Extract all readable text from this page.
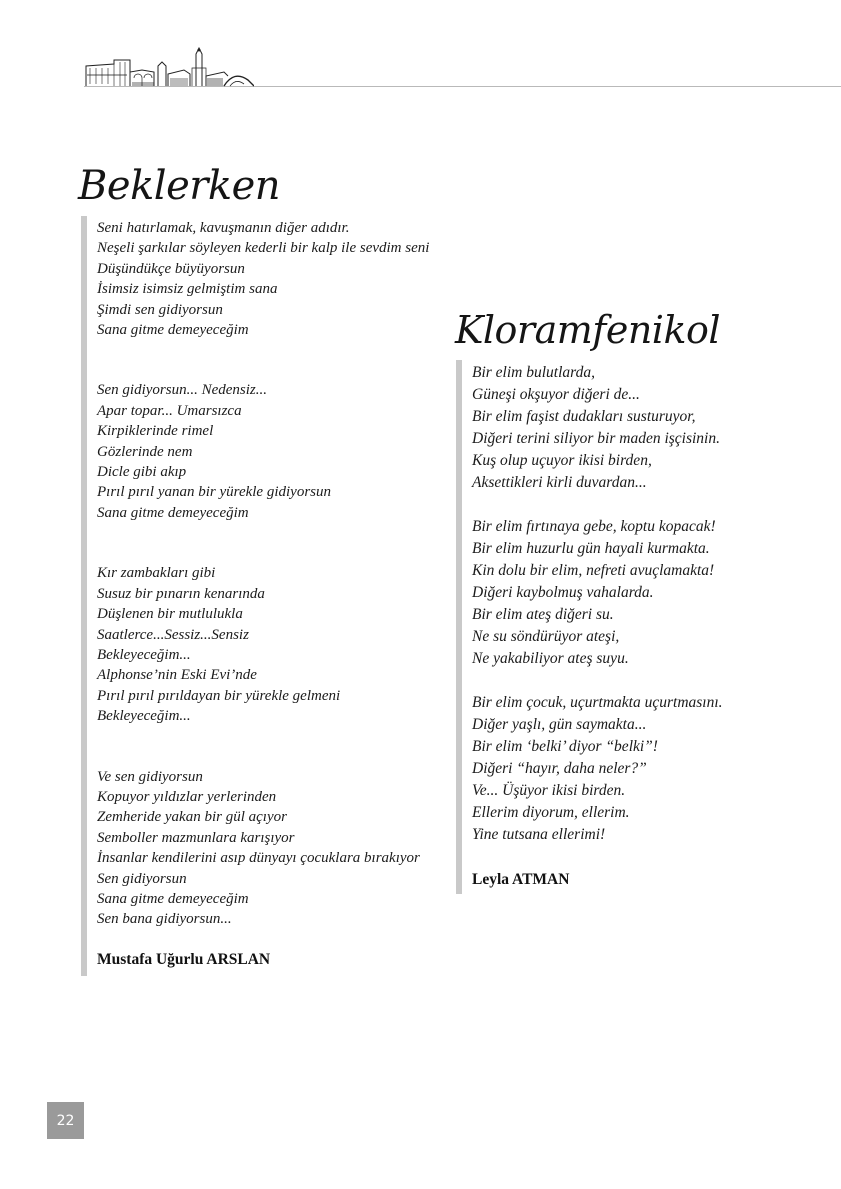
Beklerken
Seni hatırlamak, kavuşmanın diğer adıdır.
Neşeli şarkılar söyleyen kederli bir kalp ile sevdim seni
Düşündükçe büyüyorsun
İsimsiz isimsiz gelmiştim sana
Şimdi sen gidiyorsun
Sana gitme demeyeceğim
Sen gidiyorsun... Nedensiz...
Apar topar... Umarsızca
Kirpiklerinde rimel
Gözlerinde nem
Dicle gibi akıp
Pırıl pırıl yanan bir yürekle gidiyorsun
Sana gitme demeyeceğim
Kır zambakları gibi
Susuz bir pınarın kenarında
Düşlenen bir mutlulukla
Saatlerce...Sessiz...Sensiz
Bekleyeceğim...
Alphonse’nin Eski Evi’nde
Pırıl pırıl pırıldayan bir yürekle gelmeni
Bekleyeceğim...
Ve sen gidiyorsun
Kopuyor yıldızlar yerlerinden
Zemheride yakan bir gül açıyor
Semboller mazmunlara karışıyor
İnsanlar kendilerini asıp dünyayı çocuklara bırakıyor
Sen gidiyorsun
Sana gitme demeyeceğim
Sen bana gidiyorsun...
Mustafa Uğurlu ARSLAN
Kloramfenikol
Bir elim bulutlarda,
Güneşi okşuyor diğeri de...
Bir elim faşist dudakları susturuyor,
Diğeri terini siliyor bir maden işçisinin.
Kuş olup uçuyor ikisi birden,
Aksettikleri kirli duvardan...
Bir elim fırtınaya gebe, koptu kopacak!
Bir elim huzurlu gün hayali kurmakta.
Kin dolu bir elim, nefreti avuçlamakta!
Diğeri kaybolmuş vahalarda.
Bir elim ateş diğeri su.
Ne su söndürüyor ateşi,
Ne yakabiliyor ateş suyu.
Bir elim çocuk, uçurtmakta uçurtmasını.
Diğer yaşlı, gün saymakta...
Bir elim ‘belki’ diyor “belki”!
Diğeri “hayır, daha neler?”
Ve... Üşüyor ikisi birden.
Ellerim diyorum, ellerim.
Yine tutsana ellerimi!
Leyla ATMAN
22
